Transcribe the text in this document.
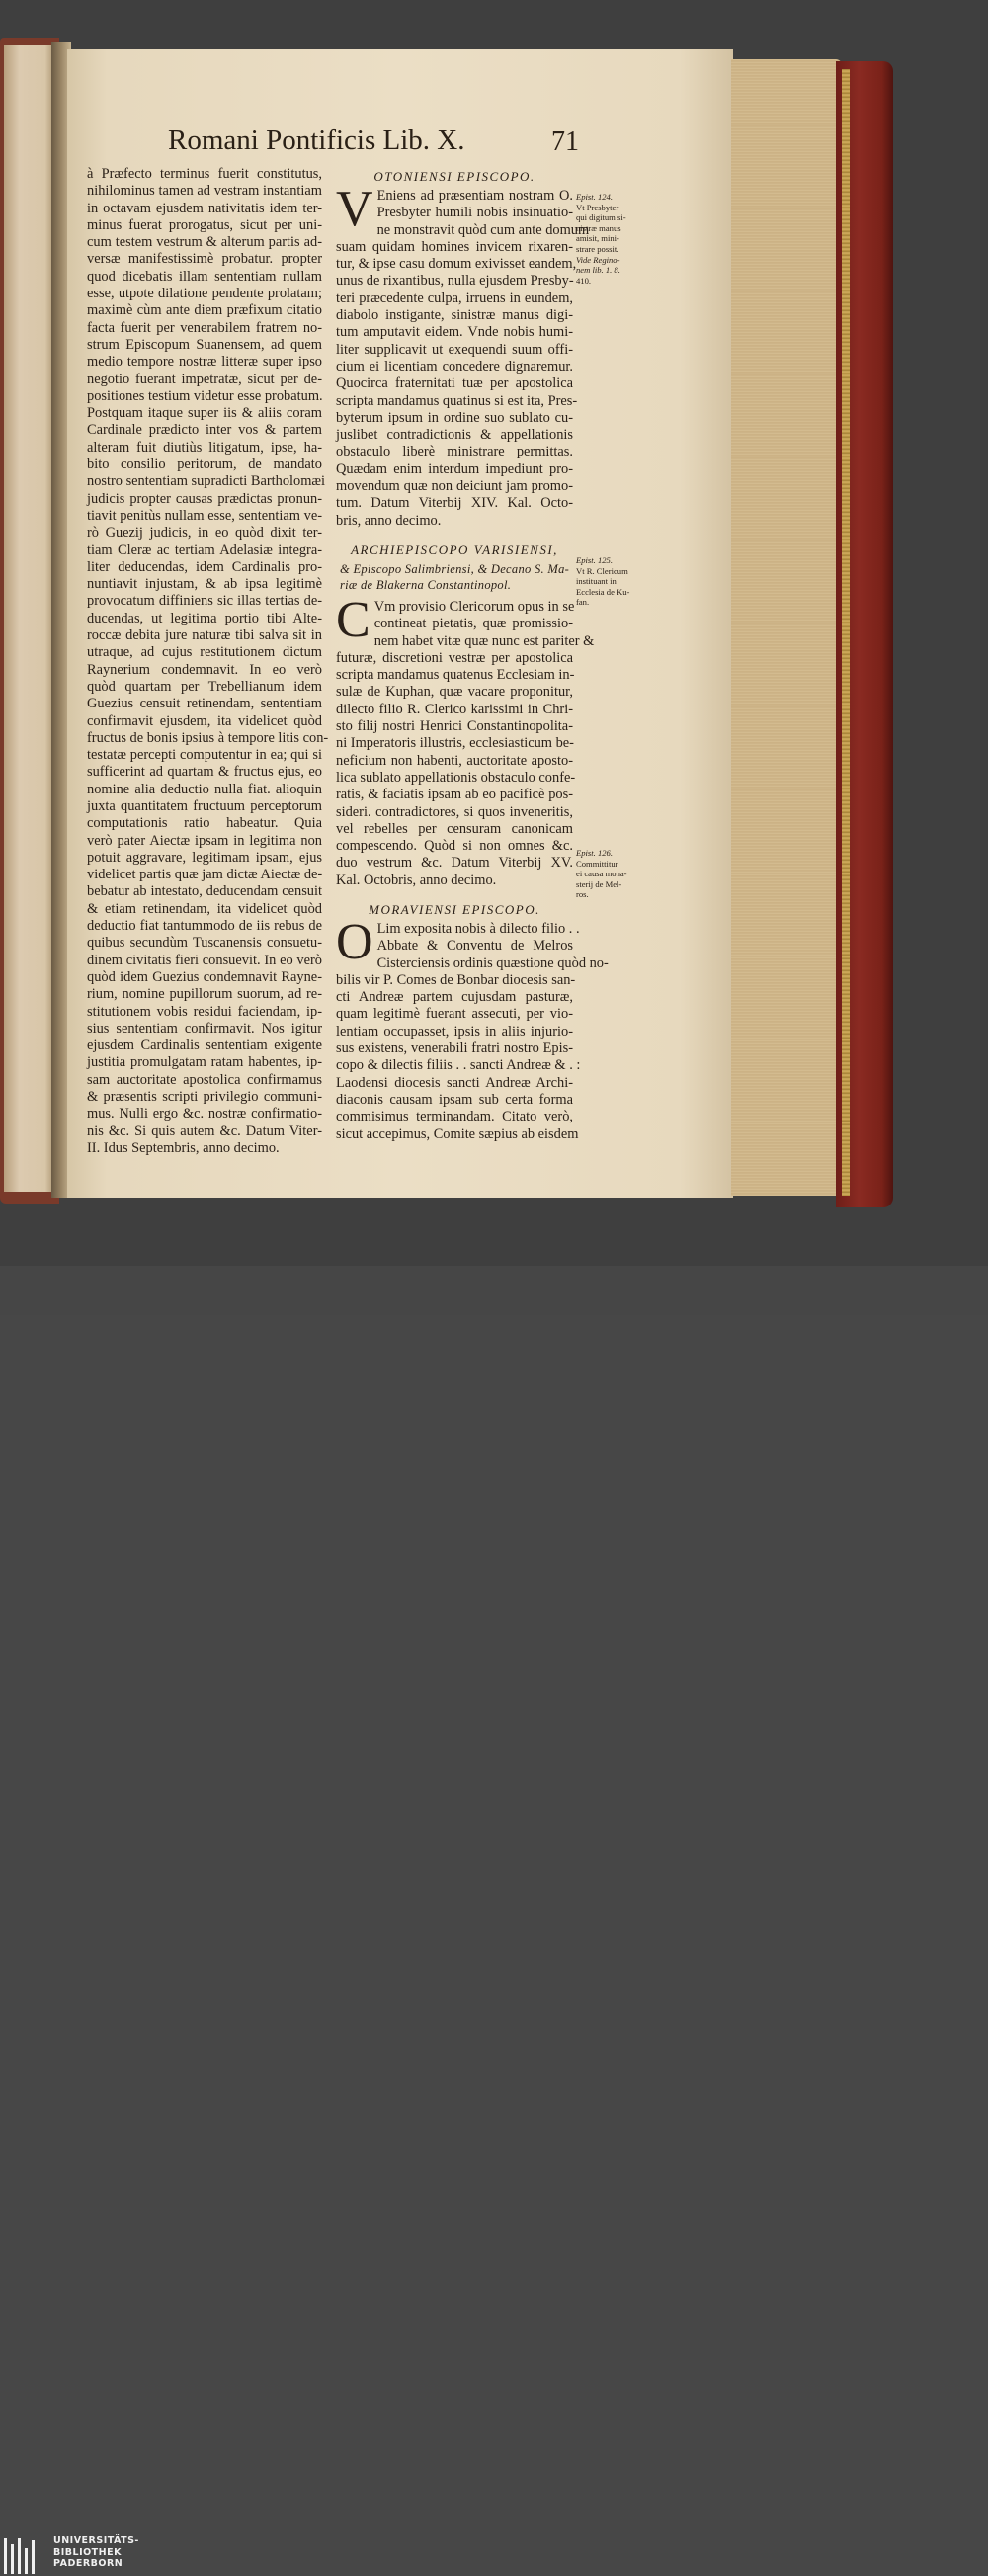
Romani Pontificis Lib. X.	71
à Præfecto terminus fuerit constitutus,
nihilominus tamen ad vestram instantiam
in octavam ejusdem nativitatis idem ter-
minus fuerat prorogatus, sicut per uni-
cum testem vestrum & alterum partis ad-
versæ manifestissimè probatur. propter
quod dicebatis illam sententiam nullam
esse, utpote dilatione pendente prolatam;
maximè cùm ante diem præfixum citatio
facta fuerit per venerabilem fratrem no-
strum Episcopum Suanensem, ad quem
medio tempore nostræ litteræ super ipso
negotio fuerant impetratæ, sicut per de-
positiones testium videtur esse probatum.
Postquam itaque super iis & aliis coram
Cardinale prædicto inter vos & partem
alteram fuit diutiùs litigatum, ipse, ha-
bito consilio peritorum, de mandato
nostro sententiam supradicti Bartholomæi
judicis propter causas prædictas pronun-
tiavit penitùs nullam esse, sententiam ve-
rò Guezij judicis, in eo quòd dixit ter-
tiam Cleræ ac tertiam Adelasiæ integra-
liter deducendas, idem Cardinalis pro-
nuntiavit injustam, & ab ipsa legitimè
provocatum diffiniens sic illas tertias de-
ducendas, ut legitima portio tibi Alte-
roccæ debita jure naturæ tibi salva sit in
utraque, ad cujus restitutionem dictum
Raynerium condemnavit. In eo verò
quòd quartam per Trebellianum idem
Guezius censuit retinendam, sententiam
confirmavit ejusdem, ita videlicet quòd
fructus de bonis ipsius à tempore litis con-
testatæ percepti computentur in ea; qui si
sufficerint ad quartam & fructus ejus, eo
nomine alia deductio nulla fiat. alioquin
juxta quantitatem fructuum perceptorum
computationis ratio habeatur. Quia
verò pater Aiectæ ipsam in legitima non
potuit aggravare, legitimam ipsam, ejus
videlicet partis quæ jam dictæ Aiectæ de-
bebatur ab intestato, deducendam censuit
& etiam retinendam, ita videlicet quòd
deductio fiat tantummodo de iis rebus de
quibus secundùm Tuscanensis consuetu-
dinem civitatis fieri consuevit. In eo verò
quòd idem Guezius condemnavit Rayne-
rium, nomine pupillorum suorum, ad re-
stitutionem vobis residui faciendam, ip-
sius sententiam confirmavit. Nos igitur
ejusdem Cardinalis sententiam exigente
justitia promulgatam ratam habentes, ip-
sam auctoritate apostolica confirmamus
& præsentis scripti privilegio communi-
mus. Nulli ergo &c. nostræ confirmatio-
nis &c. Si quis autem &c. Datum Viter-
II. Idus Septembris, anno decimo.
OTONIENSI EPISCOPO.
V Eniens ad præsentiam nostram O.
Presbyter humili nobis insinuatio-
ne monstravit quòd cum ante domum
suam quidam homines invicem rixaren-
tur, & ipse casu domum exivisset eandem,
unus de rixantibus, nulla ejusdem Presby-
teri præcedente culpa, irruens in eundem,
diabolo instigante, sinistræ manus digi-
tum amputavit eidem. Vnde nobis humi-
liter supplicavit ut exequendi suum offi-
cium ei licentiam concedere dignaremur.
Quocirca fraternitati tuæ per apostolica
scripta mandamus quatinus si est ita, Pres-
byterum ipsum in ordine suo sublato cu-
juslibet contradictionis & appellationis
obstaculo liberè ministrare permittas.
Quædam enim interdum impediunt pro-
movendum quæ non deiciunt jam promo-
tum. Datum Viterbij XIV. Kal. Octo-
bris, anno decimo.
ARCHIEPISCOPO VARISIENSI,
& Episcopo Salimbriensi, & Decano S. Ma-
riæ de Blakerna Constantinopol.
C Vm provisio Clericorum opus in se
contineat pietatis, quæ promissio-
nem habet vitæ quæ nunc est pariter &
futuræ, discretioni vestræ per apostolica
scripta mandamus quatenus Ecclesiam in-
sulæ de Kuphan, quæ vacare proponitur,
dilecto filio R. Clerico karissimi in Chri-
sto filij nostri Henrici Constantinopolita-
ni Imperatoris illustris, ecclesiasticum be-
neficium non habenti, auctoritate aposto-
lica sublato appellationis obstaculo confe-
ratis, & faciatis ipsam ab eo pacificè pos-
sideri. contradictores, si quos inveneritis,
vel rebelles per censuram canonicam
compescendo. Quòd si non omnes &c.
duo vestrum &c. Datum Viterbij XV.
Kal. Octobris, anno decimo.
MORAVIENSI EPISCOPO.
O Lim exposita nobis à dilecto filio . .
Abbate & Conventu de Melros
Cisterciensis ordinis quæstione quòd no-
bilis vir P. Comes de Bonbar diocesis san-
cti Andreæ partem cujusdam pasturæ,
quam legitimè fuerant assecuti, per vio-
lentiam occupasset, ipsis in aliis injurio-
sus existens, venerabili fratri nostro Epis-
copo & dilectis filiis . . sancti Andreæ & . :
Laodensi diocesis sancti Andreæ Archi-
diaconis causam ipsam sub certa forma
commisimus terminandam. Citato verò,
sicut accepimus, Comite sæpius ab eisdem
Epist. 124.
Vt Presbyter
qui digitum si-
nistræ manus
amisit, mini-
strare possit.
Vide Regino-
nem lib. 1. 8.
410.
Epist. 125.
Vt R. Clericum
instituant in
Ecclesia de Ku-
fan.
Epist. 126.
Committitur
ei causa mona-
sterij de Mel-
ros.
UNIVERSITÄTS-
BIBLIOTHEK
PADERBORN
